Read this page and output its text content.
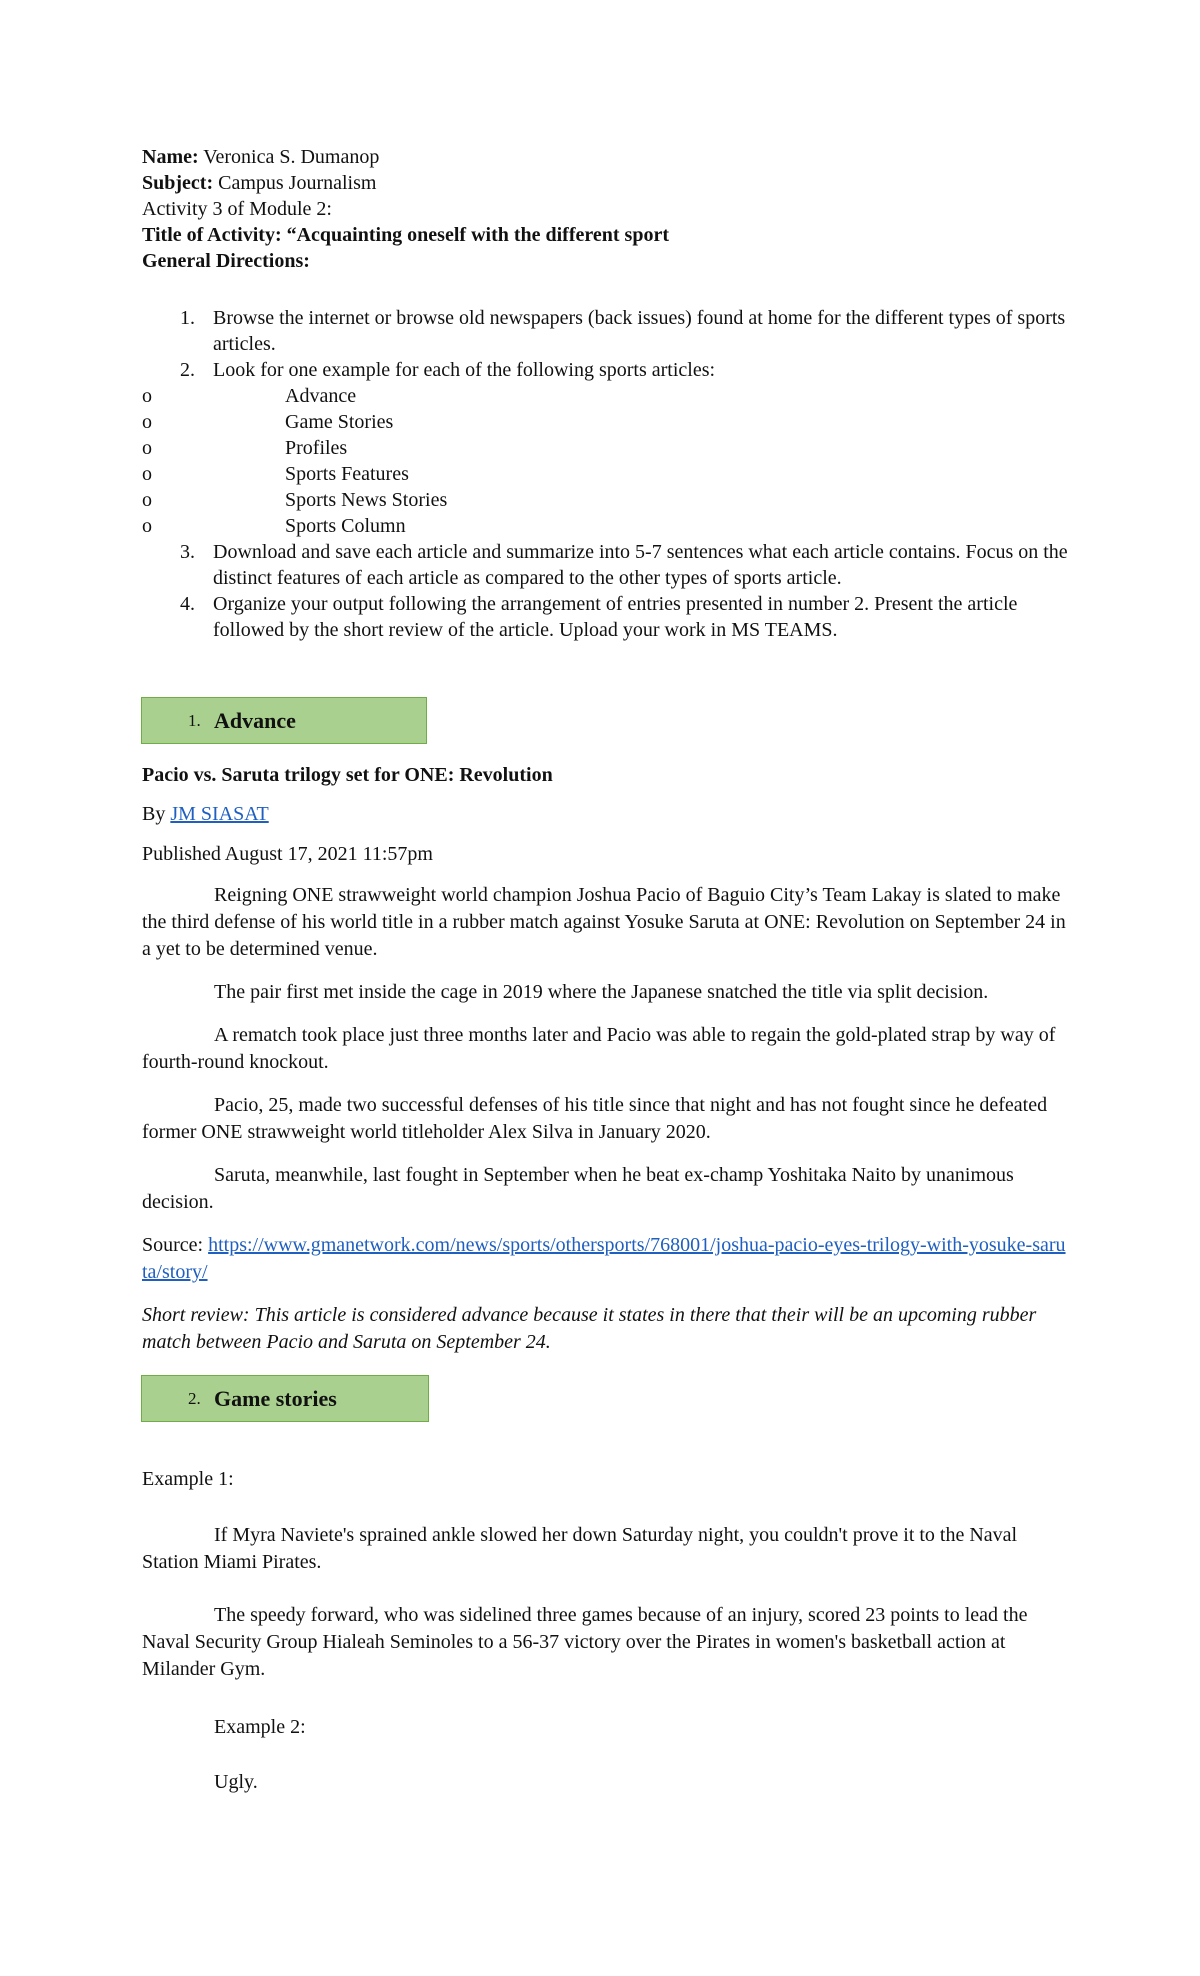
Name: Veronica S. Dumanop
Subject: Campus Journalism
Activity 3 of Module 2:
Title of Activity: “Acquainting oneself with the different sport
General Directions:
1. Browse the internet or browse old newspapers (back issues) found at home for the different types of sports articles.
2. Look for one example for each of the following sports articles:
o	Advance
o	Game Stories
o	Profiles
o	Sports Features
o	Sports News Stories
o	Sports Column
3. Download and save each article and summarize into 5-7 sentences what each article contains. Focus on the distinct features of each article as compared to the other types of sports article.
4. Organize your output following the arrangement of entries presented in number 2. Present the article followed by the short review of the article. Upload your work in MS TEAMS.
1. Advance
Pacio vs. Saruta trilogy set for ONE: Revolution
By JM SIASAT
Published August 17, 2021 11:57pm
Reigning ONE strawweight world champion Joshua Pacio of Baguio City’s Team Lakay is slated to make the third defense of his world title in a rubber match against Yosuke Saruta at ONE: Revolution on September 24 in a yet to be determined venue.
The pair first met inside the cage in 2019 where the Japanese snatched the title via split decision.
A rematch took place just three months later and Pacio was able to regain the gold-plated strap by way of fourth-round knockout.
Pacio, 25, made two successful defenses of his title since that night and has not fought since he defeated former ONE strawweight world titleholder Alex Silva in January 2020.
Saruta, meanwhile, last fought in September when he beat ex-champ Yoshitaka Naito by unanimous decision.
Source: https://www.gmanetwork.com/news/sports/othersports/768001/joshua-pacio-eyes-trilogy-with-yosuke-saruta/story/
Short review: This article is considered advance because it states in there that their will be an upcoming rubber match between Pacio and Saruta on September 24.
2. Game stories
Example 1:
If Myra Naviete's sprained ankle slowed her down Saturday night, you couldn't prove it to the Naval Station Miami Pirates.
The speedy forward, who was sidelined three games because of an injury, scored 23 points to lead the Naval Security Group Hialeah Seminoles to a 56-37 victory over the Pirates in women's basketball action at Milander Gym.
Example 2:
Ugly.
